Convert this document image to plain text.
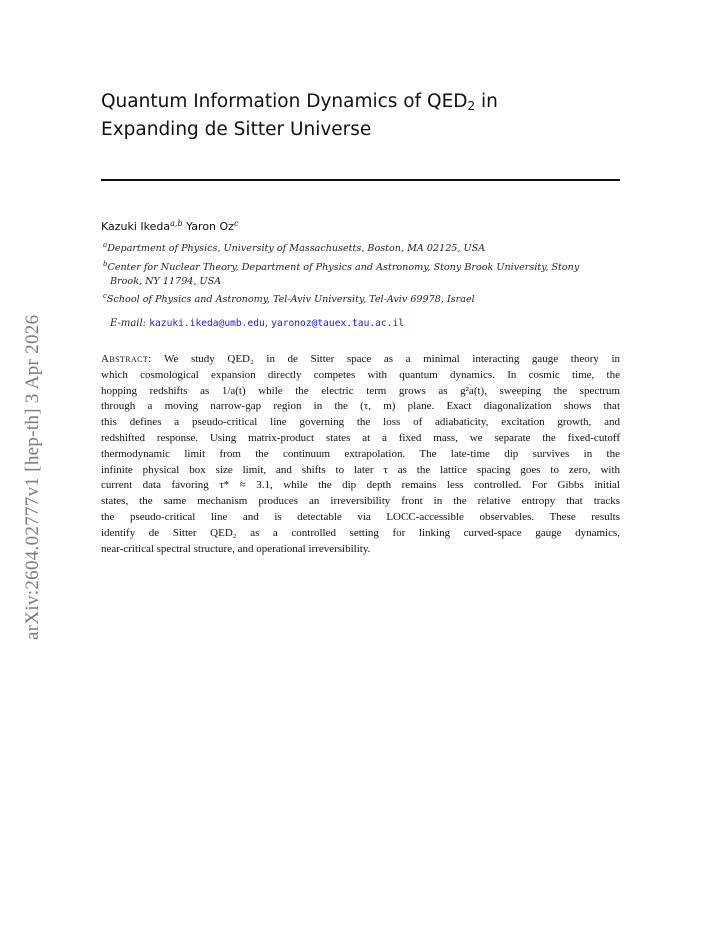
arXiv:2604.02777v1 [hep-th] 3 Apr 2026
Quantum Information Dynamics of $QED_2$ in
Expanding de Sitter Universe
Kazuki Ikeda$^{a,b}$ Yaron Oz$^c$
$^a$Department of Physics, University of Massachusetts, Boston, MA 02125, USA
$^b$Center for Nuclear Theory, Department of Physics and Astronomy, Stony Brook University, Stony
Brook, NY 11794, USA
$^c$School of Physics and Astronomy, Tel-Aviv University, Tel-Aviv 69978, Israel
E-mail: kazuki.ikeda@umb.edu, yaronoz@tauex.tau.ac.il
Abstract: We study QED₂ in de Sitter space as a minimal interacting gauge theory in
which cosmological expansion directly competes with quantum dynamics. In cosmic time, the
hopping redshifts as 1/a(t) while the electric term grows as g²a(t), sweeping the spectrum
through a moving narrow-gap region in the (τ, m) plane. Exact diagonalization shows that
this defines a pseudo-critical line governing the loss of adiabaticity, excitation growth, and
redshifted response. Using matrix-product states at a fixed mass, we separate the fixed-cutoff
thermodynamic limit from the continuum extrapolation. The late-time dip survives in the
infinite physical box size limit, and shifts to later τ as the lattice spacing goes to zero, with
current data favoring τ* ≈ 3.1, while the dip depth remains less controlled. For Gibbs initial
states, the same mechanism produces an irreversibility front in the relative entropy that tracks
the pseudo-critical line and is detectable via LOCC-accessible observables. These results
identify de Sitter QED₂ as a controlled setting for linking curved-space gauge dynamics,
near-critical spectral structure, and operational irreversibility.
